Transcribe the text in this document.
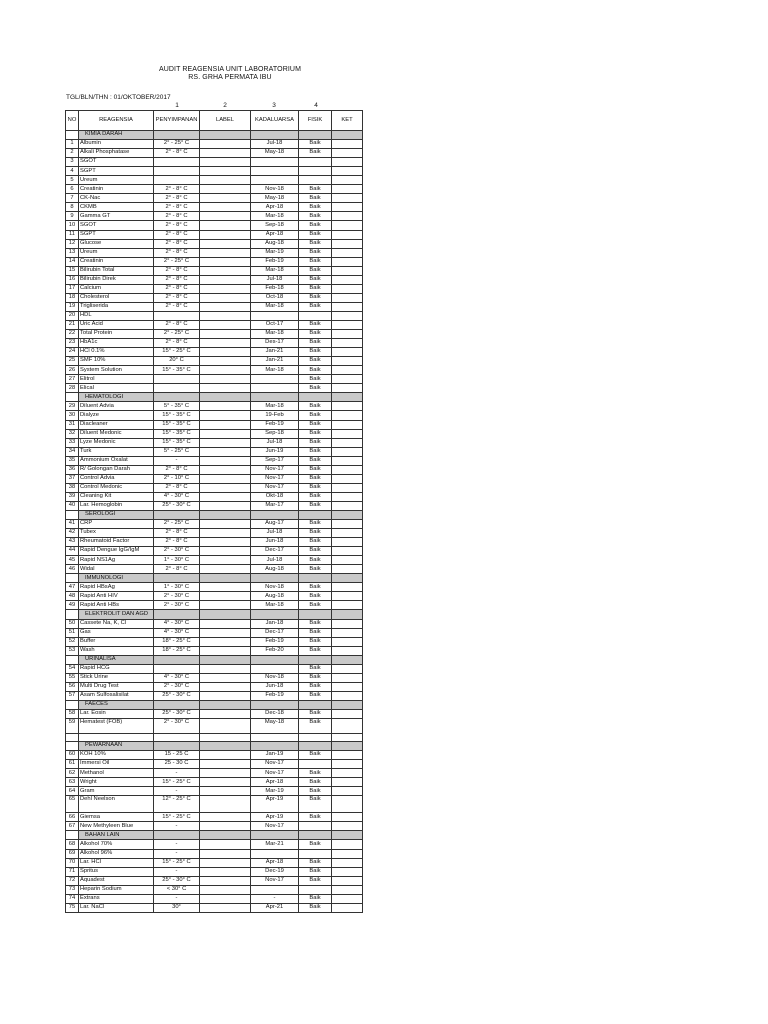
AUDIT REAGENSIA UNIT LABORATORIUM
RS. GRHA PERMATA IBU
TGL/BLN/THN : 01/OKTOBER/2017
1	2	3	4
NO	REAGENSIA	PENYIMPANAN	LABEL	KADALUARSA	FISIK	KET
	KIMIA DARAH					
1	Albumin	2° - 25° C		Jul-18	Baik	
2	Alkali Phosphatase	2° - 8° C		May-18	Baik	
3	SGOT					
4	SGPT					
5	Ureum					
6	Creatinin	2° - 8° C		Nov-18	Baik	
7	CK-Nac	2° - 8° C		May-18	Baik	
8	CKMB	2° - 8° C		Apr-18	Baik	
9	Gamma GT	2° - 8° C		Mar-18	Baik	
10	SGOT	2° - 8° C		Sep-18	Baik	
11	SGPT	2° - 8° C		Apr-18	Baik	
12	Glucose	2° - 8° C		Aug-18	Baik	
13	Ureum	2° - 8° C		Mar-19	Baik	
14	Creatinin	2° - 25° C		Feb-19	Baik	
15	Bilirubin Total	2° - 8° C		Mar-18	Baik	
16	Bilirubin Direk	2° - 8° C		Jul-18	Baik	
17	Calcium	2° - 8° C		Feb-18	Baik	
18	Cholesterol	2° - 8° C		Oct-18	Baik	
19	Trigliserida	2° - 8° C		Mar-18	Baik	
20	HDL					
21	Uric Acid	2° - 8° C		Oct-17	Baik	
22	Total Protein	2° - 25° C		Mar-18	Baik	
23	HbA1c	2° - 8° C		Des-17	Baik	
24	HCl 0.1%	15° - 25° C		Jan-21	Baik	
25	SMF 10%	20° C		Jan-21	Baik	
26	System Solution	15° - 35° C		Mar-18	Baik	
27	Elitrol				Baik	
28	Elical				Baik	
	HEMATOLOGI					
29	Diluent Advia	5° - 35° C		Mar-18	Baik	
30	Dialyze	15° - 35° C		19-Feb	Baik	
31	Diacleaner	15° - 35° C		Feb-19	Baik	
32	Diluent Medonic	15° - 35° C		Sep-18	Baik	
33	Lyze Medonic	15° - 35° C		Jul-18	Baik	
34	Turk	5° - 25° C		Jun-19	Baik	
35	Ammonium Oxalat	-		Sep-17	Baik	
36	R/ Golongan Darah	2° - 8° C		Nov-17	Baik	
37	Control Advia	2° - 10° C		Nov-17	Baik	
38	Control Medonic	2° - 8° C		Nov-17	Baik	
39	Cleaning Kit	4° - 30° C		Okt-18	Baik	
40	Lar. Hemoglobin	25° - 30° C		Mar-17	Baik	
	SEROLOGI					
41	CRP	2° - 25° C		Aug-17	Baik	
42	Tubex	2° - 8° C		Jul-18	Baik	
43	Rheumatoid Factor	2° - 8° C		Jun-18	Baik	
44	Rapid Dengue IgG/IgM	2° - 30° C		Dec-17	Baik	
45	Rapid NS1Ag	1° - 30° C		Jul-18	Baik	
46	Widal	2° - 8° C		Aug-18	Baik	
	IMMUNOLOGI					
47	Rapid HBsAg	1° - 30° C		Nov-18	Baik	
48	Rapid Anti HIV	2° - 30° C		Aug-18	Baik	
49	Rapid Anti HBs	2° - 30° C		Mar-18	Baik	
	ELEKTROLIT DAN AGD					
50	Cassete Na, K, Cl	4° - 30° C		Jan-18	Baik	
51	Gas	4° - 30° C		Dec-17	Baik	
52	Buffer	18° - 25° C		Feb-19	Baik	
53	Wash	18° - 25° C		Feb-20	Baik	
	URINALISA					
54	Rapid HCG				Baik	
55	Stick Urine	4° - 30° C		Nov-18	Baik	
56	Multi Drug Test	2° - 30° C		Jun-18	Baik	
57	Asam Sulfosalisilat	25° - 30° C		Feb-19	Baik	
	FAECES					
58	Lar. Eosin	25° - 30° C		Dec-18	Baik	
59	Hematest (FOB)	2° - 30° C		May-18	Baik	

	PEWARNAAN					
60	KOH 10%	15 - 25 C		Jan-19	Baik	
61	Immersi Oil	25 - 30 C		Nov-17		
62	Methanol	-		Nov-17	Baik	
63	Wright	15° - 25° C		Apr-18	Baik	
64	Gram	-		Mar-19	Baik	
65	Dehl Neelson	12° - 25° C		Apr-19	Baik	
66	Giemsa	15° - 25° C		Apr-19	Baik	
67	New Methyleen Blue	-		Nov-17		
	BAHAN LAIN					
68	Alkohol 70%	-		Mar-21	Baik	
69	Alkohol 96%	-				
70	Lar. HCl	15° - 25° C		Apr-18	Baik	
71	Spritus	-		Dec-19	Baik	
72	Aquadest	25° - 30° C		Nov-17	Baik	
73	Heparin Sodium	< 30° C				
74	Extrans	-		-	Baik	
75	Lar. NaCl	30°		Apr-21	Baik	
